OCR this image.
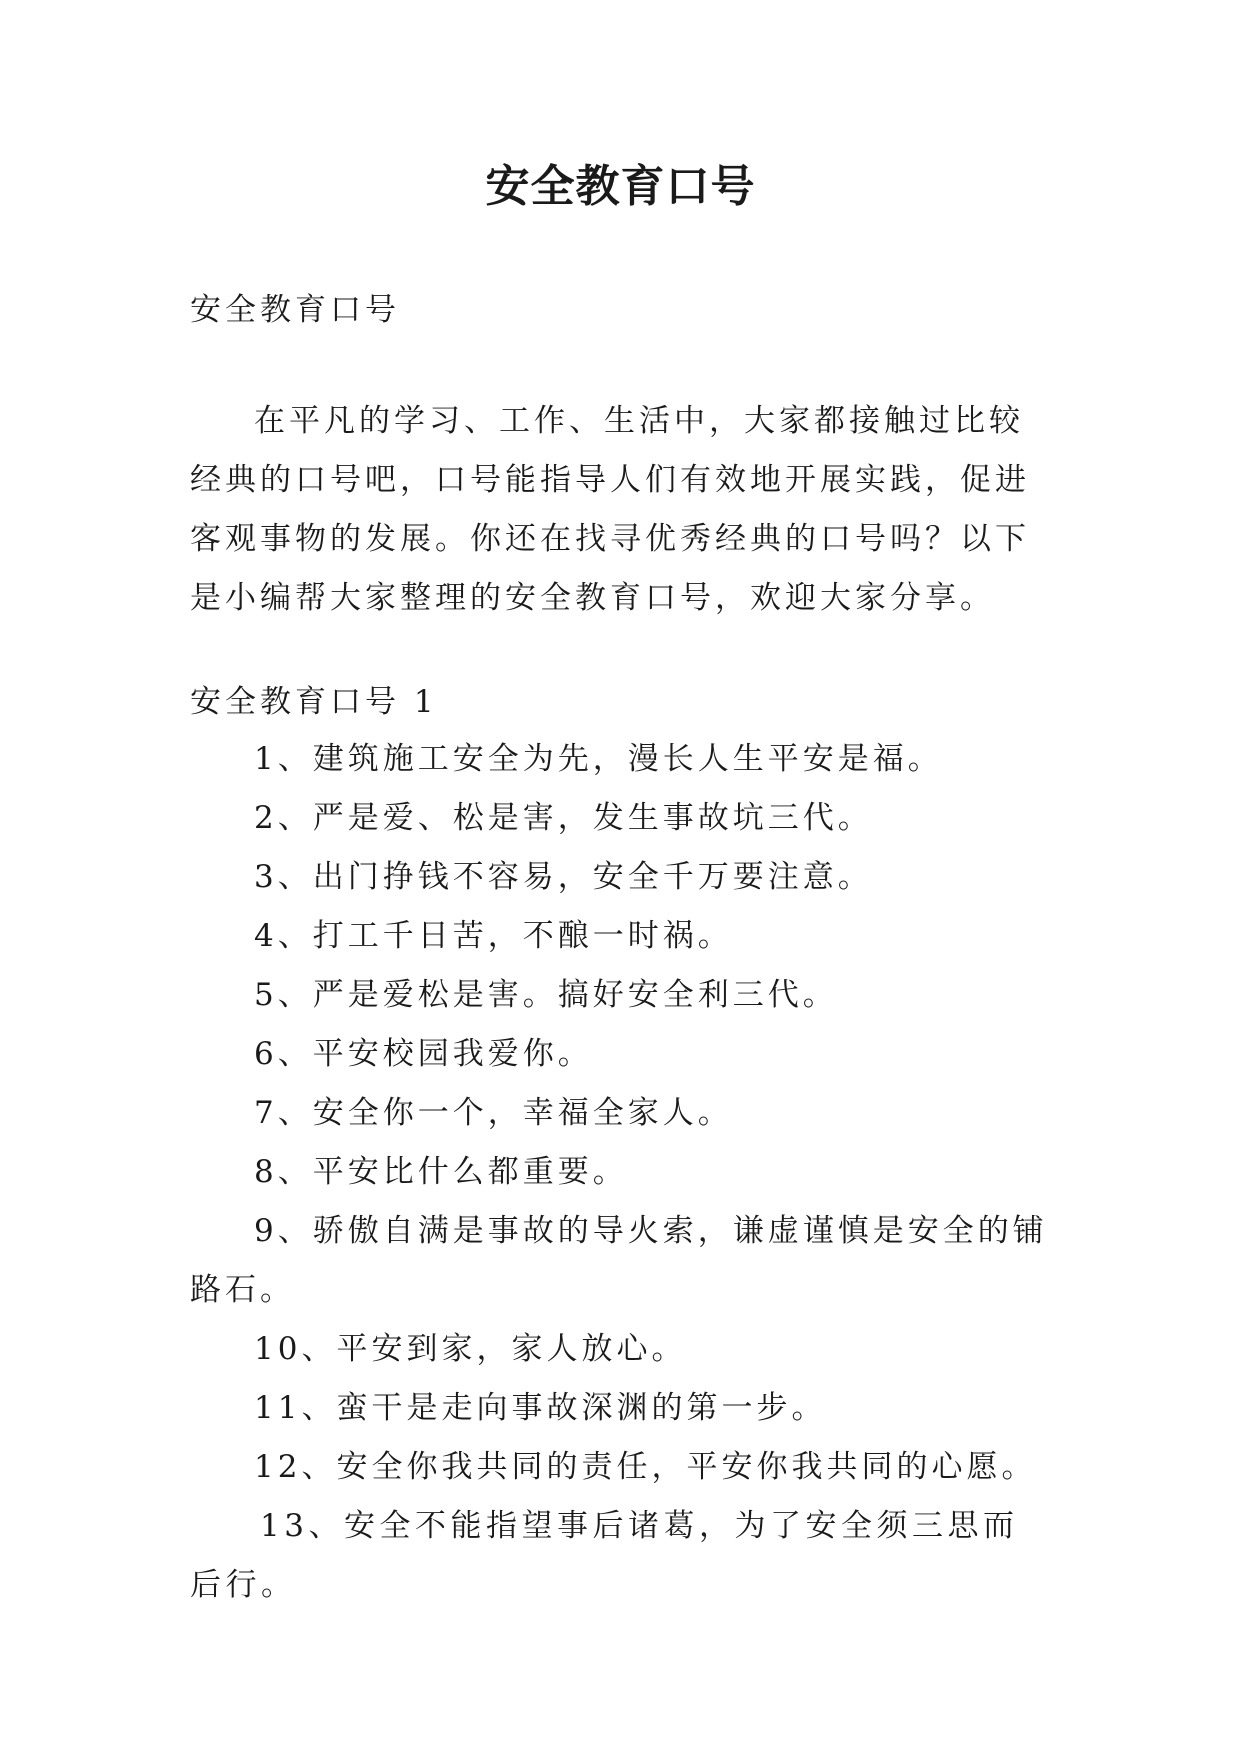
安全教育口号

安全教育口号

在平凡的学习、工作、生活中，大家都接触过比较经典的口号吧，口号能指导人们有效地开展实践，促进客观事物的发展。你还在找寻优秀经典的口号吗？以下是小编帮大家整理的安全教育口号，欢迎大家分享。

安全教育口号 1

1、建筑施工安全为先，漫长人生平安是福。
2、严是爱、松是害，发生事故坑三代。
3、出门挣钱不容易，安全千万要注意。
4、打工千日苦，不酿一时祸。
5、严是爱松是害。搞好安全利三代。
6、平安校园我爱你。
7、安全你一个，幸福全家人。
8、平安比什么都重要。
9、骄傲自满是事故的导火索，谦虚谨慎是安全的铺路石。
10、平安到家，家人放心。
11、蛮干是走向事故深渊的第一步。
12、安全你我共同的责任，平安你我共同的心愿。
13、安全不能指望事后诸葛，为了安全须三思而后行。
